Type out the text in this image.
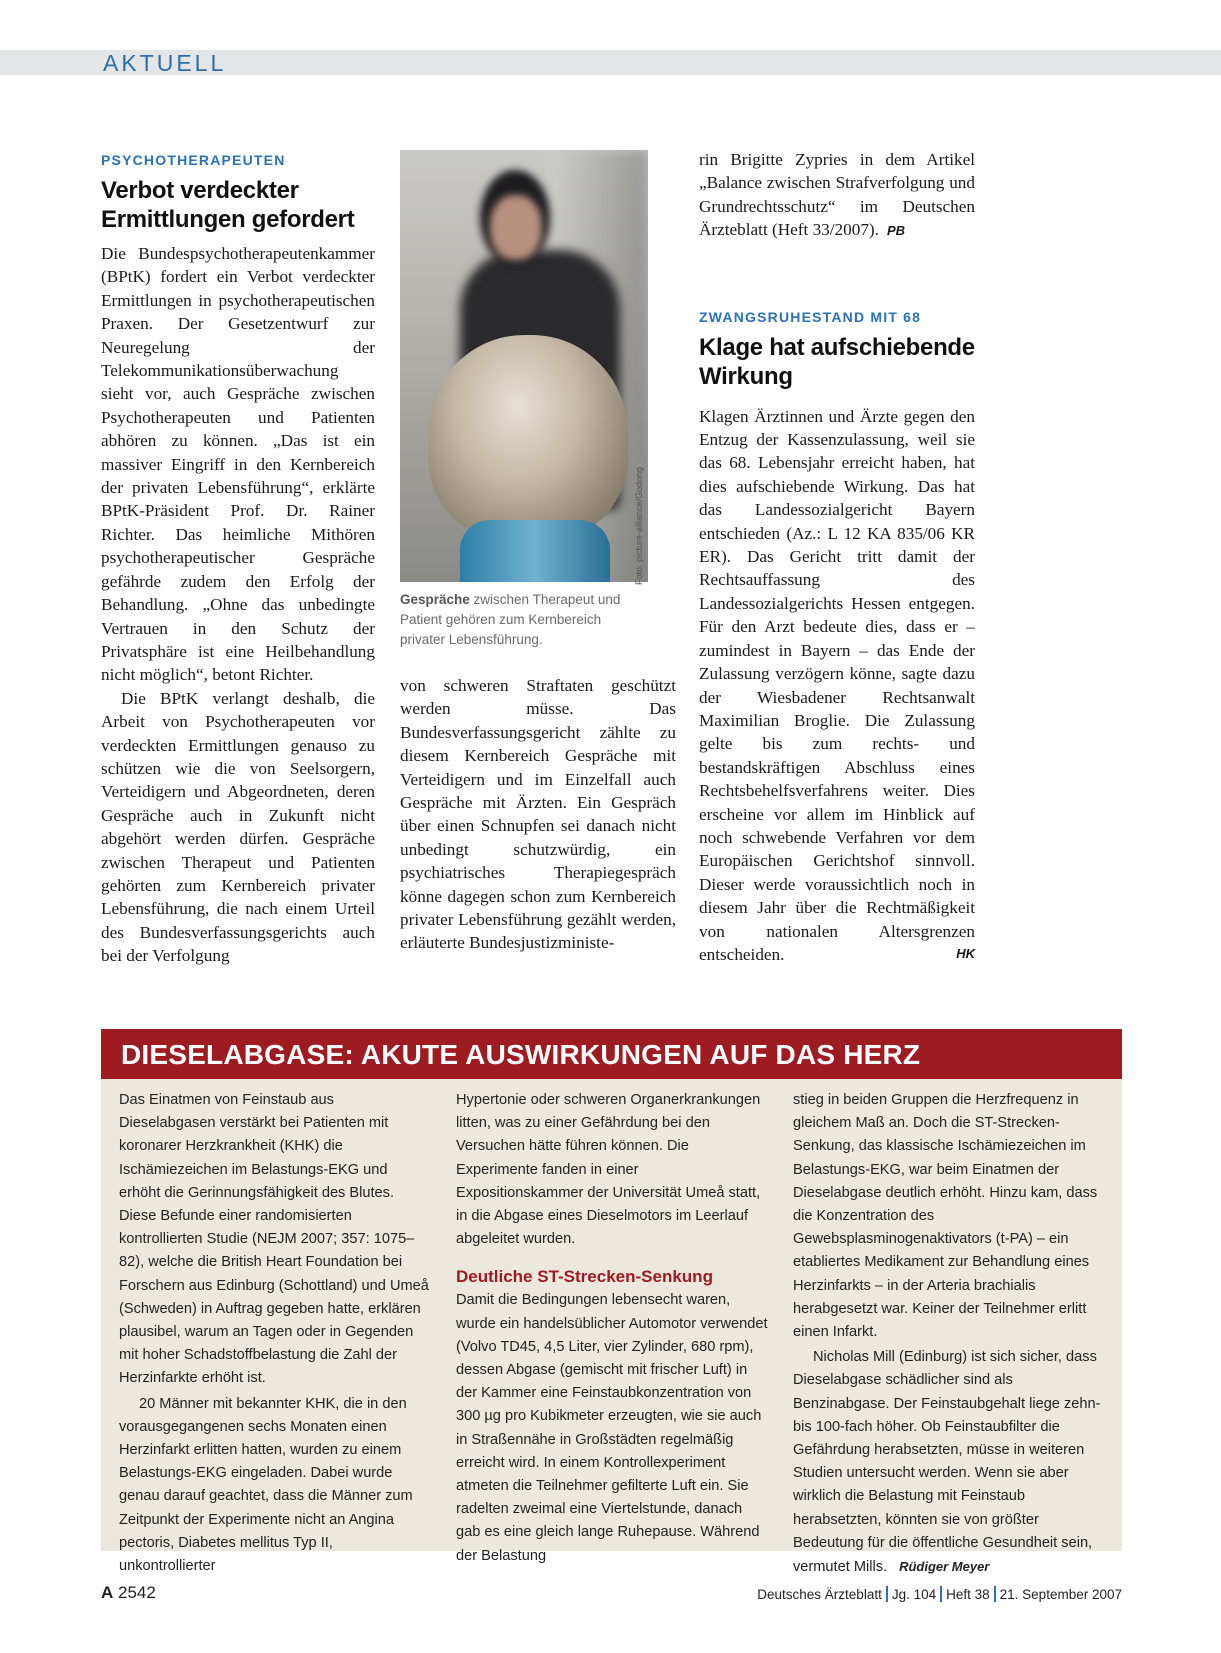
AKTUELL
PSYCHOTHERAPEUTEN
Verbot verdeckter Ermittlungen gefordert

Die Bundespsychotherapeutenkammer (BPtK) fordert ein Verbot verdeckter Ermittlungen in psychotherapeutischen Praxen. Der Gesetzentwurf zur Neuregelung der Telekommunikationsüberwachung sieht vor, auch Gespräche zwischen Psychotherapeuten und Patienten abhören zu können. „Das ist ein massiver Eingriff in den Kernbereich der privaten Lebensführung“, erklärte BPtK-Präsident Prof. Dr. Rainer Richter. Das heimliche Mithören psychotherapeutischer Gespräche gefährde zudem den Erfolg der Behandlung. „Ohne das unbedingte Vertrauen in den Schutz der Privatsphäre ist eine Heilbehandlung nicht möglich“, betont Richter.

Die BPtK verlangt deshalb, die Arbeit von Psychotherapeuten vor verdeckten Ermittlungen genauso zu schützen wie die von Seelsorgern, Verteidigern und Abgeordneten, deren Gespräche auch in Zukunft nicht abgehört werden dürfen. Gespräche zwischen Therapeut und Patienten gehörten zum Kernbereich privater Lebensführung, die nach einem Urteil des Bundesverfassungsgerichts auch bei der Verfolgung

Gespräche zwischen Therapeut und Patient gehören zum Kernbereich privater Lebensführung.

von schweren Straftaten geschützt werden müsse. Das Bundesverfassungsgericht zählte zu diesem Kernbereich Gespräche mit Verteidigern und im Einzelfall auch Gespräche mit Ärzten. Ein Gespräch über einen Schnupfen sei danach nicht unbedingt schutzwürdig, ein psychiatrisches Therapiegespräch könne dagegen schon zum Kernbereich privater Lebensführung gezählt werden, erläuterte Bundesjustizministe-

Foto: picture-alliance/Godong

rin Brigitte Zypries in dem Artikel „Balance zwischen Strafverfolgung und Grundrechtsschutz“ im Deutschen Ärzteblatt (Heft 33/2007). PB

ZWANGSRUHESTAND MIT 68
Klage hat aufschiebende Wirkung

Klagen Ärztinnen und Ärzte gegen den Entzug der Kassenzulassung, weil sie das 68. Lebensjahr erreicht haben, hat dies aufschiebende Wirkung. Das hat das Landessozialgericht Bayern entschieden (Az.: L 12 KA 835/06 KR ER). Das Gericht tritt damit der Rechtsauffassung des Landessozialgerichts Hessen entgegen. Für den Arzt bedeute dies, dass er – zumindest in Bayern – das Ende der Zulassung verzögern könne, sagte dazu der Wiesbadener Rechtsanwalt Maximilian Broglie. Die Zulassung gelte bis zum rechts- und bestandskräftigen Abschluss eines Rechtsbehelfsverfahrens weiter. Dies erscheine vor allem im Hinblick auf noch schwebende Verfahren vor dem Europäischen Gerichtshof sinnvoll. Dieser werde voraussichtlich noch in diesem Jahr über die Rechtmäßigkeit von nationalen Altersgrenzen entscheiden.	HK
DIESELABGASE: AKUTE AUSWIRKUNGEN AUF DAS HERZ

Das Einatmen von Feinstaub aus Dieselabgasen verstärkt bei Patienten mit koronarer Herzkrankheit (KHK) die Ischämiezeichen im Belastungs-EKG und erhöht die Gerinnungsfähigkeit des Blutes. Diese Befunde einer randomisierten kontrollierten Studie (NEJM 2007; 357: 1075–82), welche die British Heart Foundation bei Forschern aus Edinburg (Schottland) und Umeå (Schweden) in Auftrag gegeben hatte, erklären plausibel, warum an Tagen oder in Gegenden mit hoher Schadstoffbelastung die Zahl der Herzinfarkte erhöht ist.

20 Männer mit bekannter KHK, die in den vorausgegangenen sechs Monaten einen Herzinfarkt erlitten hatten, wurden zu einem Belastungs-EKG eingeladen. Dabei wurde genau darauf geachtet, dass die Männer zum Zeitpunkt der Experimente nicht an Angina pectoris, Diabetes mellitus Typ II, unkontrollierter

Hypertonie oder schweren Organerkrankungen litten, was zu einer Gefährdung bei den Versuchen hätte führen können. Die Experimente fanden in einer Expositionskammer der Universität Umeå statt, in die Abgase eines Dieselmotors im Leerlauf abgeleitet wurden.

Deutliche ST-Strecken-Senkung

Damit die Bedingungen lebensecht waren, wurde ein handelsüblicher Automotor verwendet (Volvo TD45, 4,5 Liter, vier Zylinder, 680 rpm), dessen Abgase (gemischt mit frischer Luft) in der Kammer eine Feinstaubkonzentration von 300 µg pro Kubikmeter erzeugten, wie sie auch in Straßennähe in Großstädten regelmäßig erreicht wird. In einem Kontrollexperiment atmeten die Teilnehmer gefilterte Luft ein. Sie radelten zweimal eine Viertelstunde, danach gab es eine gleich lange Ruhepause. Während der Belastung

stieg in beiden Gruppen die Herzfrequenz in gleichem Maß an. Doch die ST-Strecken-Senkung, das klassische Ischämiezeichen im Belastungs-EKG, war beim Einatmen der Dieselabgase deutlich erhöht. Hinzu kam, dass die Konzentration des Gewebsplasminogenaktivators (t-PA) – ein etabliertes Medikament zur Behandlung eines Herzinfarkts – in der Arteria brachialis herabgesetzt war. Keiner der Teilnehmer erlitt einen Infarkt.

Nicholas Mill (Edinburg) ist sich sicher, dass Dieselabgase schädlicher sind als Benzinabgase. Der Feinstaubgehalt liege zehn- bis 100-fach höher. Ob Feinstaubfilter die Gefährdung herabsetzten, müsse in weiteren Studien untersucht werden. Wenn sie aber wirklich die Belastung mit Feinstaub herabsetzten, könnten sie von größter Bedeutung für die öffentliche Gesundheit sein, vermutet Mills. Rüdiger Meyer

A 2542	Deutsches Ärzteblatt Jg. 104 Heft 38 21. September 2007
